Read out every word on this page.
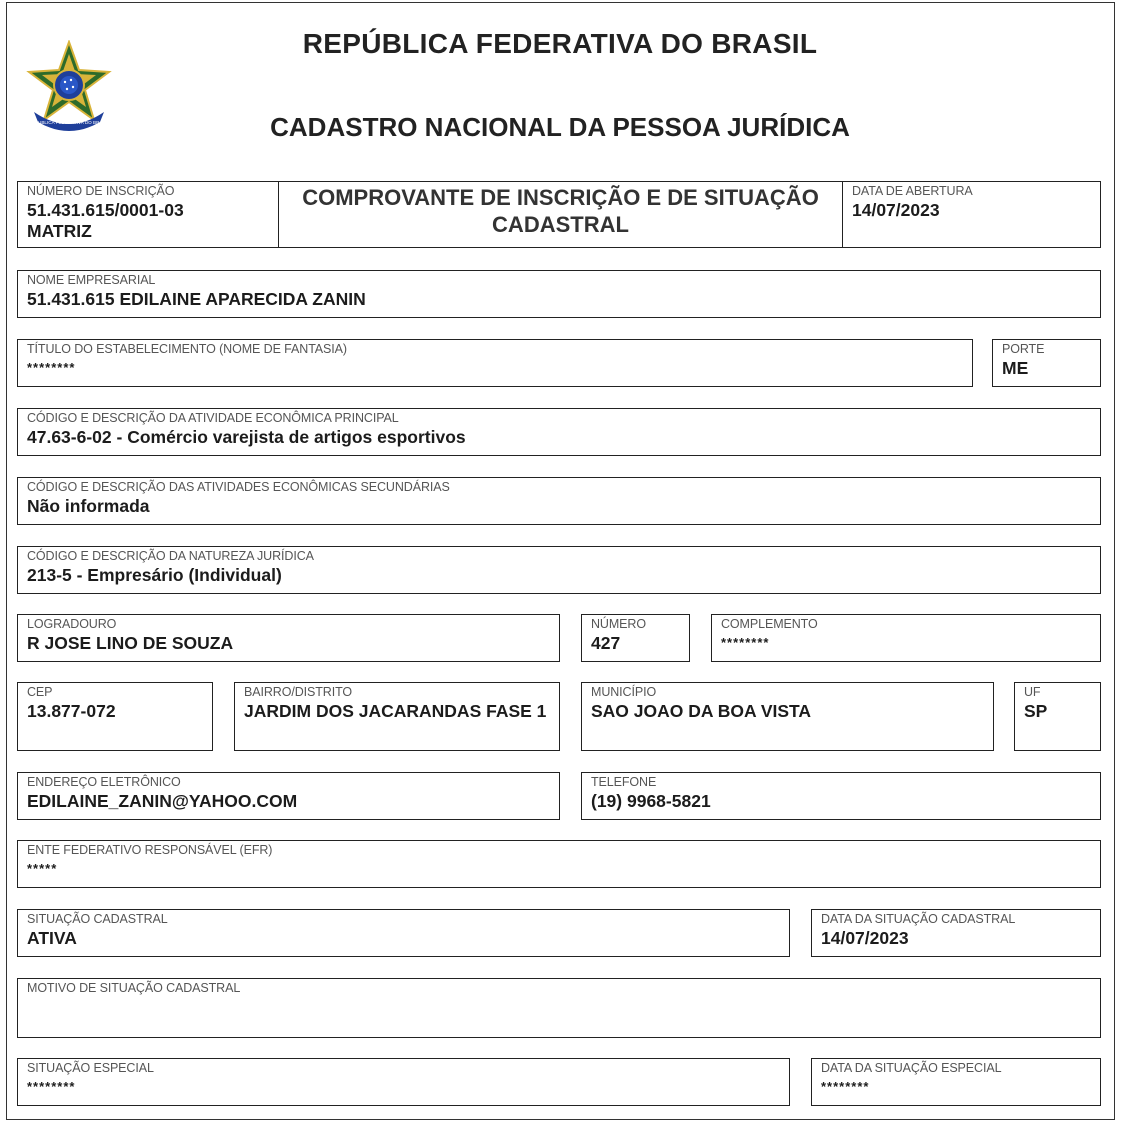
REPUBLICA FEDERATIVA DO BRASIL
REPÚBLICA FEDERATIVA DO BRASIL
CADASTRO NACIONAL DA PESSOA JURÍDICA
NÚMERO DE INSCRIÇÃO
51.431.615/0001-03
MATRIZ
COMPROVANTE DE INSCRIÇÃO E DE SITUAÇÃO
CADASTRAL
DATA DE ABERTURA
14/07/2023
NOME EMPRESARIAL
51.431.615 EDILAINE APARECIDA ZANIN
TÍTULO DO ESTABELECIMENTO (NOME DE FANTASIA)
********
PORTE
ME
CÓDIGO E DESCRIÇÃO DA ATIVIDADE ECONÔMICA PRINCIPAL
47.63-6-02 - Comércio varejista de artigos esportivos
CÓDIGO E DESCRIÇÃO DAS ATIVIDADES ECONÔMICAS SECUNDÁRIAS
Não informada
CÓDIGO E DESCRIÇÃO DA NATUREZA JURÍDICA
213-5 - Empresário (Individual)
LOGRADOURO
R JOSE LINO DE SOUZA
NÚMERO
427
COMPLEMENTO
********
CEP
13.877-072
BAIRRO/DISTRITO
JARDIM DOS JACARANDAS FASE 1
MUNICÍPIO
SAO JOAO DA BOA VISTA
UF
SP
ENDEREÇO ELETRÔNICO
EDILAINE_ZANIN@YAHOO.COM
TELEFONE
(19) 9968-5821
ENTE FEDERATIVO RESPONSÁVEL (EFR)
*****
SITUAÇÃO CADASTRAL
ATIVA
DATA DA SITUAÇÃO CADASTRAL
14/07/2023
MOTIVO DE SITUAÇÃO CADASTRAL
SITUAÇÃO ESPECIAL
********
DATA DA SITUAÇÃO ESPECIAL
********
